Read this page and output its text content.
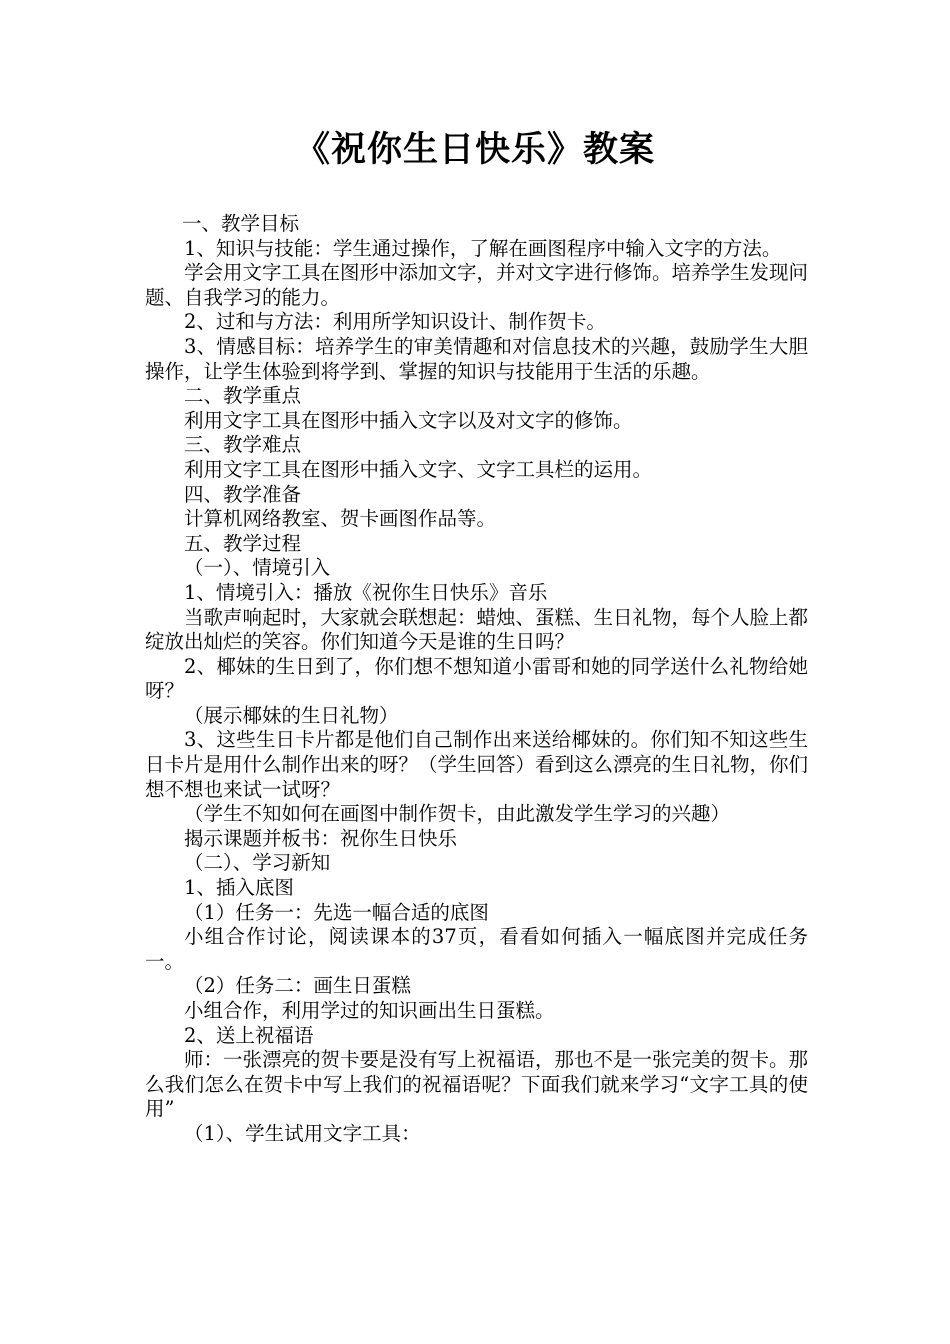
《祝你生日快乐》教案

一、教学目标

1、知识与技能：学生通过操作，了解在画图程序中输入文字的方法。

学会用文字工具在图形中添加文字，并对文字进行修饰。培养学生发现问题、自我学习的能力。

2、过和与方法：利用所学知识设计、制作贺卡。

3、情感目标：培养学生的审美情趣和对信息技术的兴趣，鼓励学生大胆操作，让学生体验到将学到、掌握的知识与技能用于生活的乐趣。

二、教学重点

利用文字工具在图形中插入文字以及对文字的修饰。

三、教学难点

利用文字工具在图形中插入文字、文字工具栏的运用。

四、教学准备

计算机网络教室、贺卡画图作品等。

五、教学过程

（一）、情境引入

1、情境引入：播放《祝你生日快乐》音乐

当歌声响起时，大家就会联想起：蜡烛、蛋糕、生日礼物，每个人脸上都绽放出灿烂的笑容。你们知道今天是谁的生日吗？

2、椰妹的生日到了，你们想不想知道小雷哥和她的同学送什么礼物给她呀？

（展示椰妹的生日礼物）

3、这些生日卡片都是他们自己制作出来送给椰妹的。你们知不知这些生日卡片是用什么制作出来的呀？（学生回答）看到这么漂亮的生日礼物，你们想不想也来试一试呀？

（学生不知如何在画图中制作贺卡，由此激发学生学习的兴趣）

揭示课题并板书：祝你生日快乐

（二）、学习新知

1、插入底图

（1）任务一：先选一幅合适的底图

小组合作讨论，阅读课本的37页，看看如何插入一幅底图并完成任务一。

（2）任务二：画生日蛋糕

小组合作，利用学过的知识画出生日蛋糕。

2、送上祝福语

师：一张漂亮的贺卡要是没有写上祝福语，那也不是一张完美的贺卡。那么我们怎么在贺卡中写上我们的祝福语呢？下面我们就来学习“文字工具的使用”

（1）、学生试用文字工具：
